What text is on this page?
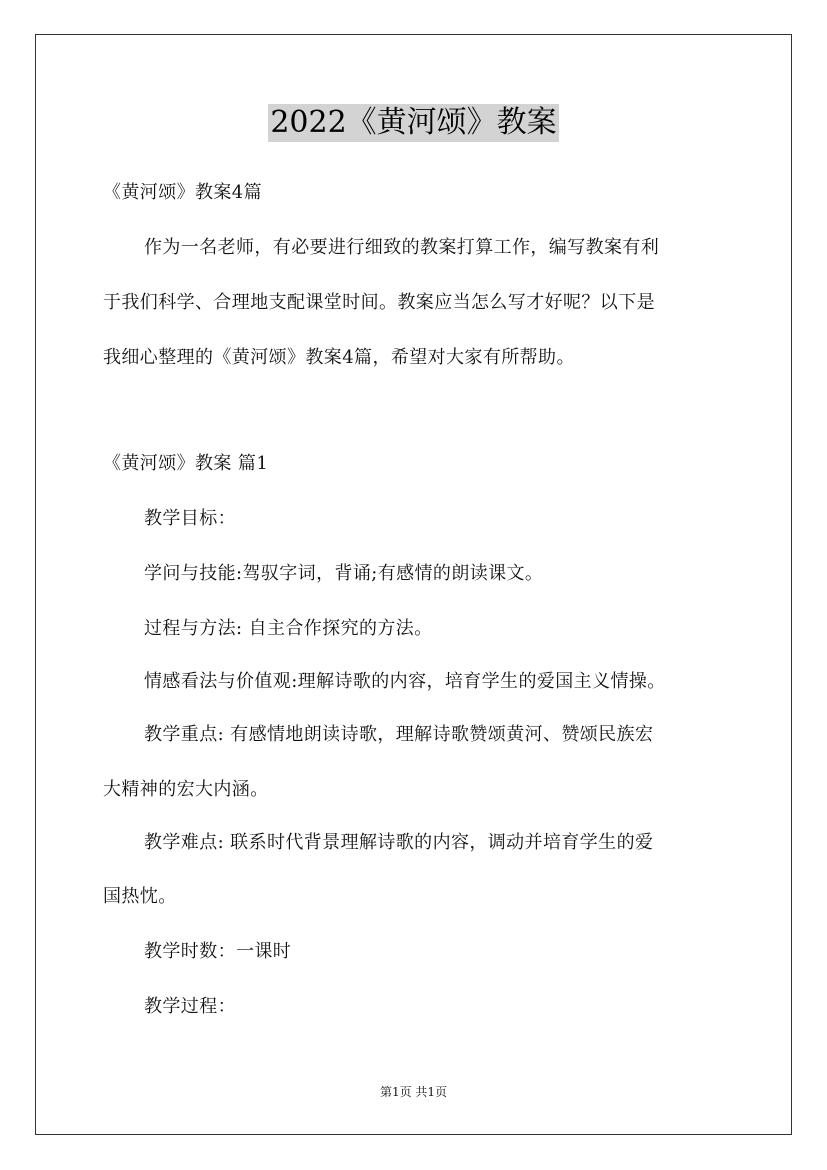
2022《黄河颂》教案
《黄河颂》教案4篇
作为一名老师，有必要进行细致的教案打算工作，编写教案有利
于我们科学、合理地支配课堂时间。教案应当怎么写才好呢？以下是
我细心整理的《黄河颂》教案4篇，希望对大家有所帮助。
《黄河颂》教案 篇1
教学目标：
学问与技能:驾驭字词，背诵;有感情的朗读课文。
过程与方法: 自主合作探究的方法。
情感看法与价值观:理解诗歌的内容，培育学生的爱国主义情操。
教学重点: 有感情地朗读诗歌，理解诗歌赞颂黄河、赞颂民族宏
大精神的宏大内涵。
教学难点: 联系时代背景理解诗歌的内容，调动并培育学生的爱
国热忱。
教学时数：一课时
教学过程：
第1页 共1页
